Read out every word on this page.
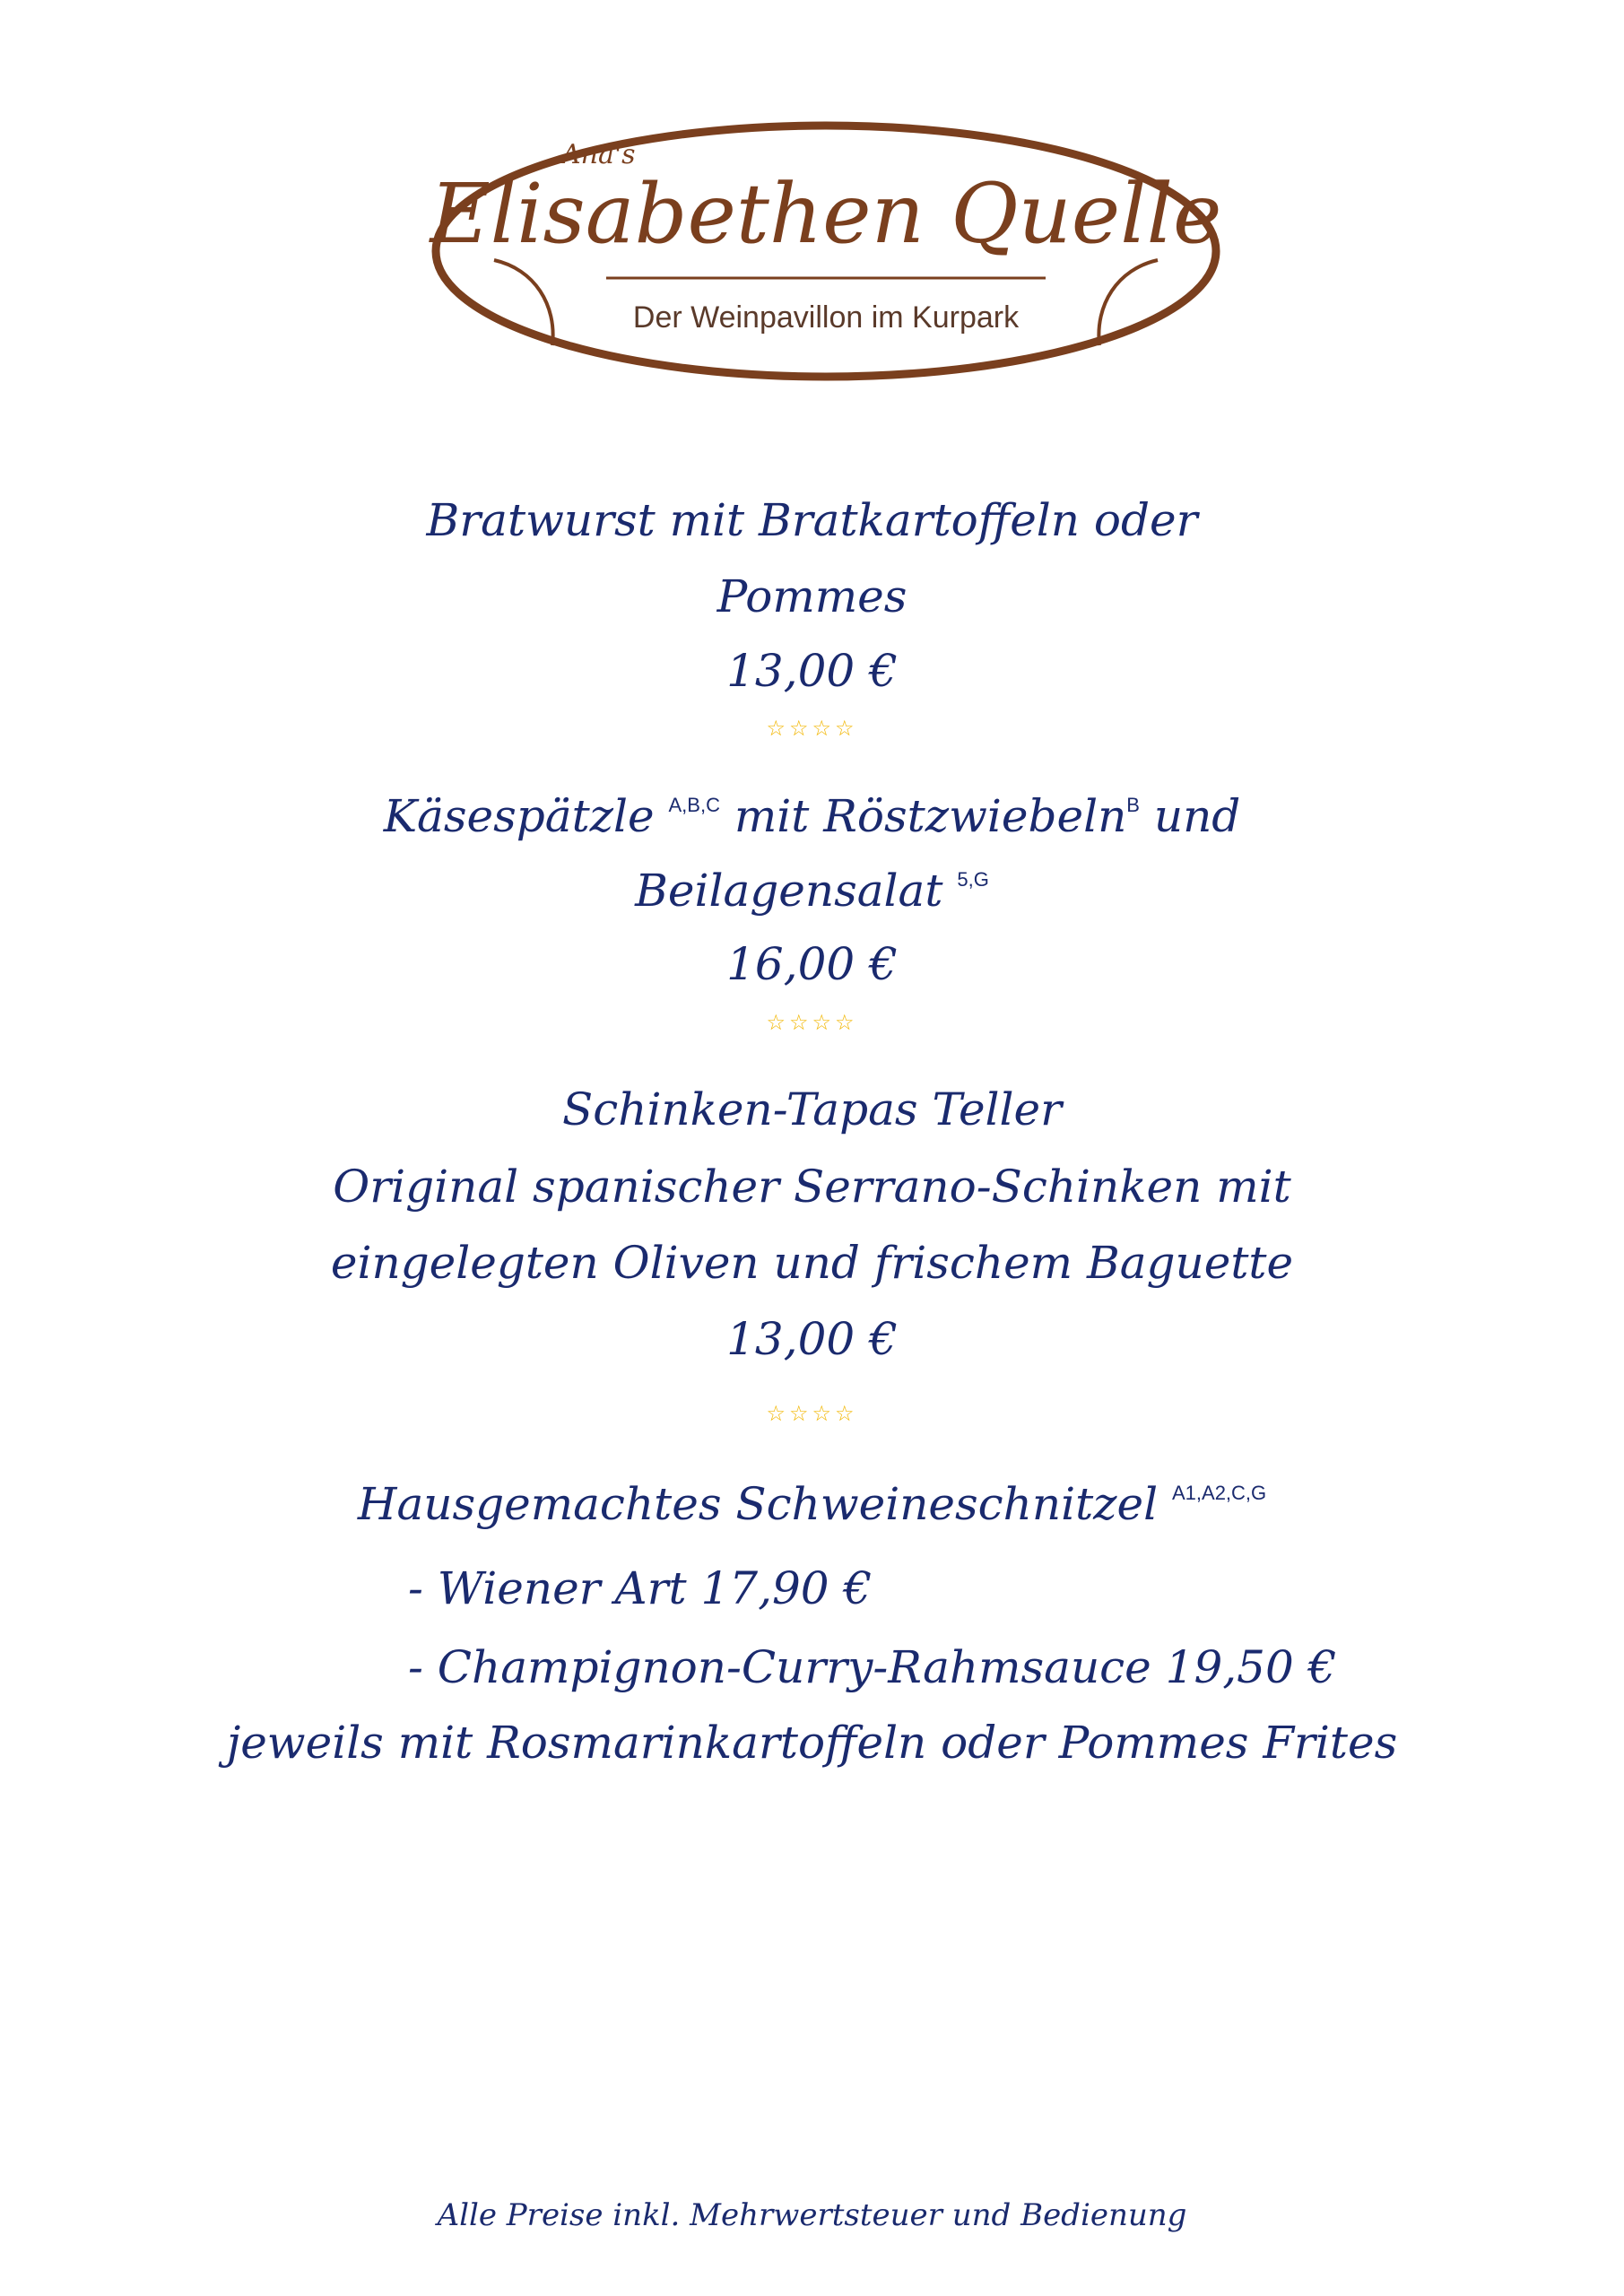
Ana's
Elisabethen Quelle
Der Weinpavillon im Kurpark
Bratwurst mit Bratkartoffeln oder
Pommes
13,00 €
☆☆☆☆
Käsespätzle $^{A,B,C}$ mit Röstzwiebeln$^B$ und
Beilagensalat $^{5,G}$
16,00 €
☆☆☆☆
Schinken-Tapas Teller
Original spanischer Serrano-Schinken mit
eingelegten Oliven und frischem Baguette
13,00 €
☆☆☆☆
Hausgemachtes Schweineschnitzel $^{A1,A2,C,G}$
- Wiener Art 17,90 €
- Champignon-Curry-Rahmsauce 19,50 €
jeweils mit Rosmarinkartoffeln oder Pommes Frites
Alle Preise inkl. Mehrwertsteuer und Bedienung
